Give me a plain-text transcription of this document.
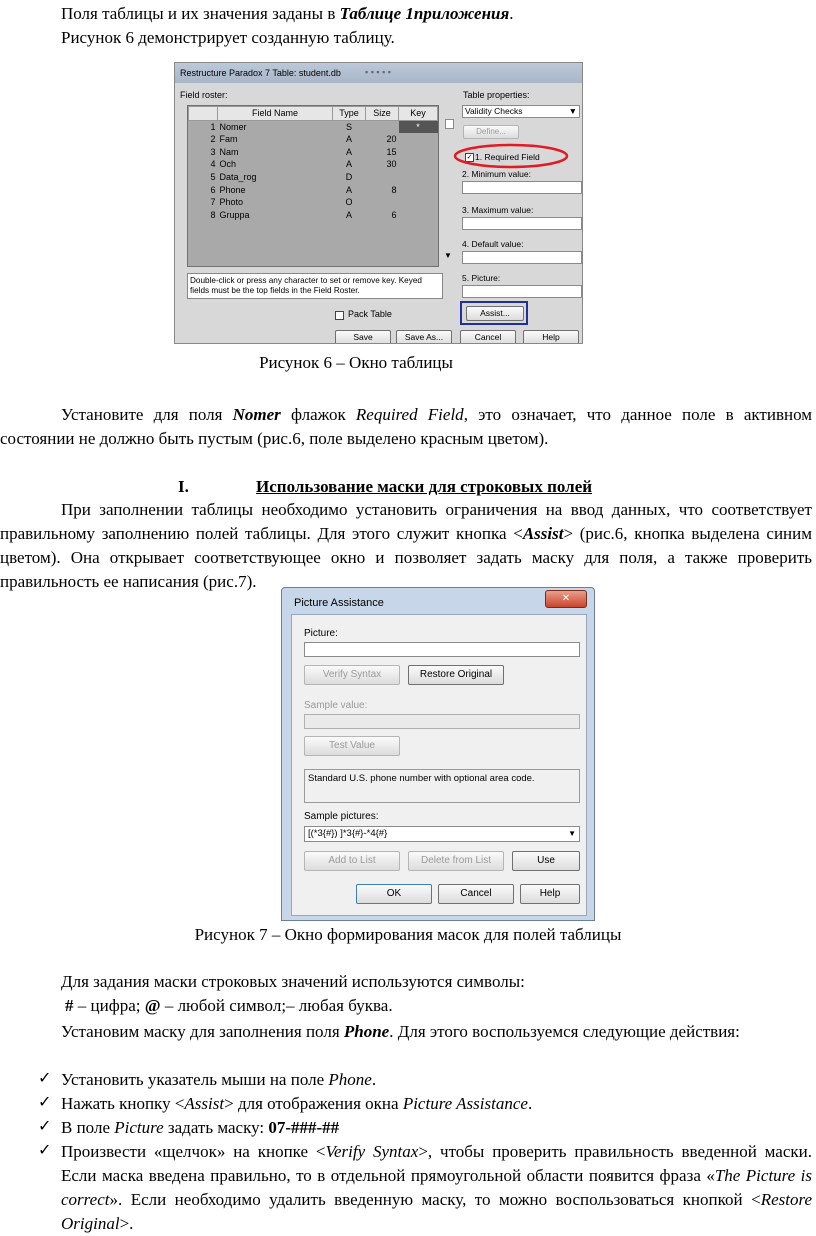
Поля таблицы и их значения заданы в Таблице 1приложения.
Рисунок 6 демонстрирует созданную таблицу.
Restructure Paradox 7 Table: student.db	▪ ▪ ▪ ▪ ▪
Field roster:
	Field Name	Type	Size	Key
1	Nomer	S		*
2	Fam	A	20	
3	Nam	A	15	
4	Och	A	30	
5	Data_rog	D		
6	Phone	A	8	
7	Photo	O		
8	Gruppa	A	6	
▼
Double-click or press any character to set or remove key. Keyed fields must be the top fields in the Field Roster.
Pack Table
Table properties:
Validity Checks	▼
Define...
✓ 1. Required Field
2. Minimum value:
3. Maximum value:
4. Default value:
5. Picture:
Assist...
Save	Save As...	Cancel	Help
Рисунок 6 – Окно таблицы
Установите для поля Nomer флажок Required Field, это означает, что данное поле в активном состоянии не должно быть пустым (рис.6, поле выделено красным цветом).
I.	Использование маски для строковых полей
При заполнении таблицы необходимо установить ограничения на ввод данных, что соответствует правильному заполнению полей таблицы. Для этого служит кнопка <Assist> (рис.6, кнопка выделена синим цветом). Она открывает соответствующее окно и позволяет задать маску для поля, а также проверить правильность ее написания (рис.7).
Picture Assistance	✕
Picture:
Verify Syntax	Restore Original
Sample value:
Test Value
Standard U.S. phone number with optional area code.
Sample pictures:
[(*3{#}) ]*3{#}-*4{#}	▼
Add to List	Delete from List	Use
OK	Cancel	Help
Рисунок 7 – Окно формирования масок для полей таблицы
Для задания маски строковых значений используются символы:
# – цифра; @ – любой символ;– любая буква.
Установим маску для заполнения поля Phone. Для этого воспользуемся следующие действия:
✓ Установить указатель мыши на поле Phone.
✓ Нажать кнопку <Assist> для отображения окна Picture Assistance.
✓ В поле Picture задать маску: 07-###-##
✓ Произвести «щелчок» на кнопке <Verify Syntax>, чтобы проверить правильность введенной маски. Если маска введена правильно, то в отдельной прямоугольной области появится фраза «The Picture is correct». Если необходимо удалить введенную маску, то можно воспользоваться кнопкой <Restore Original>.
